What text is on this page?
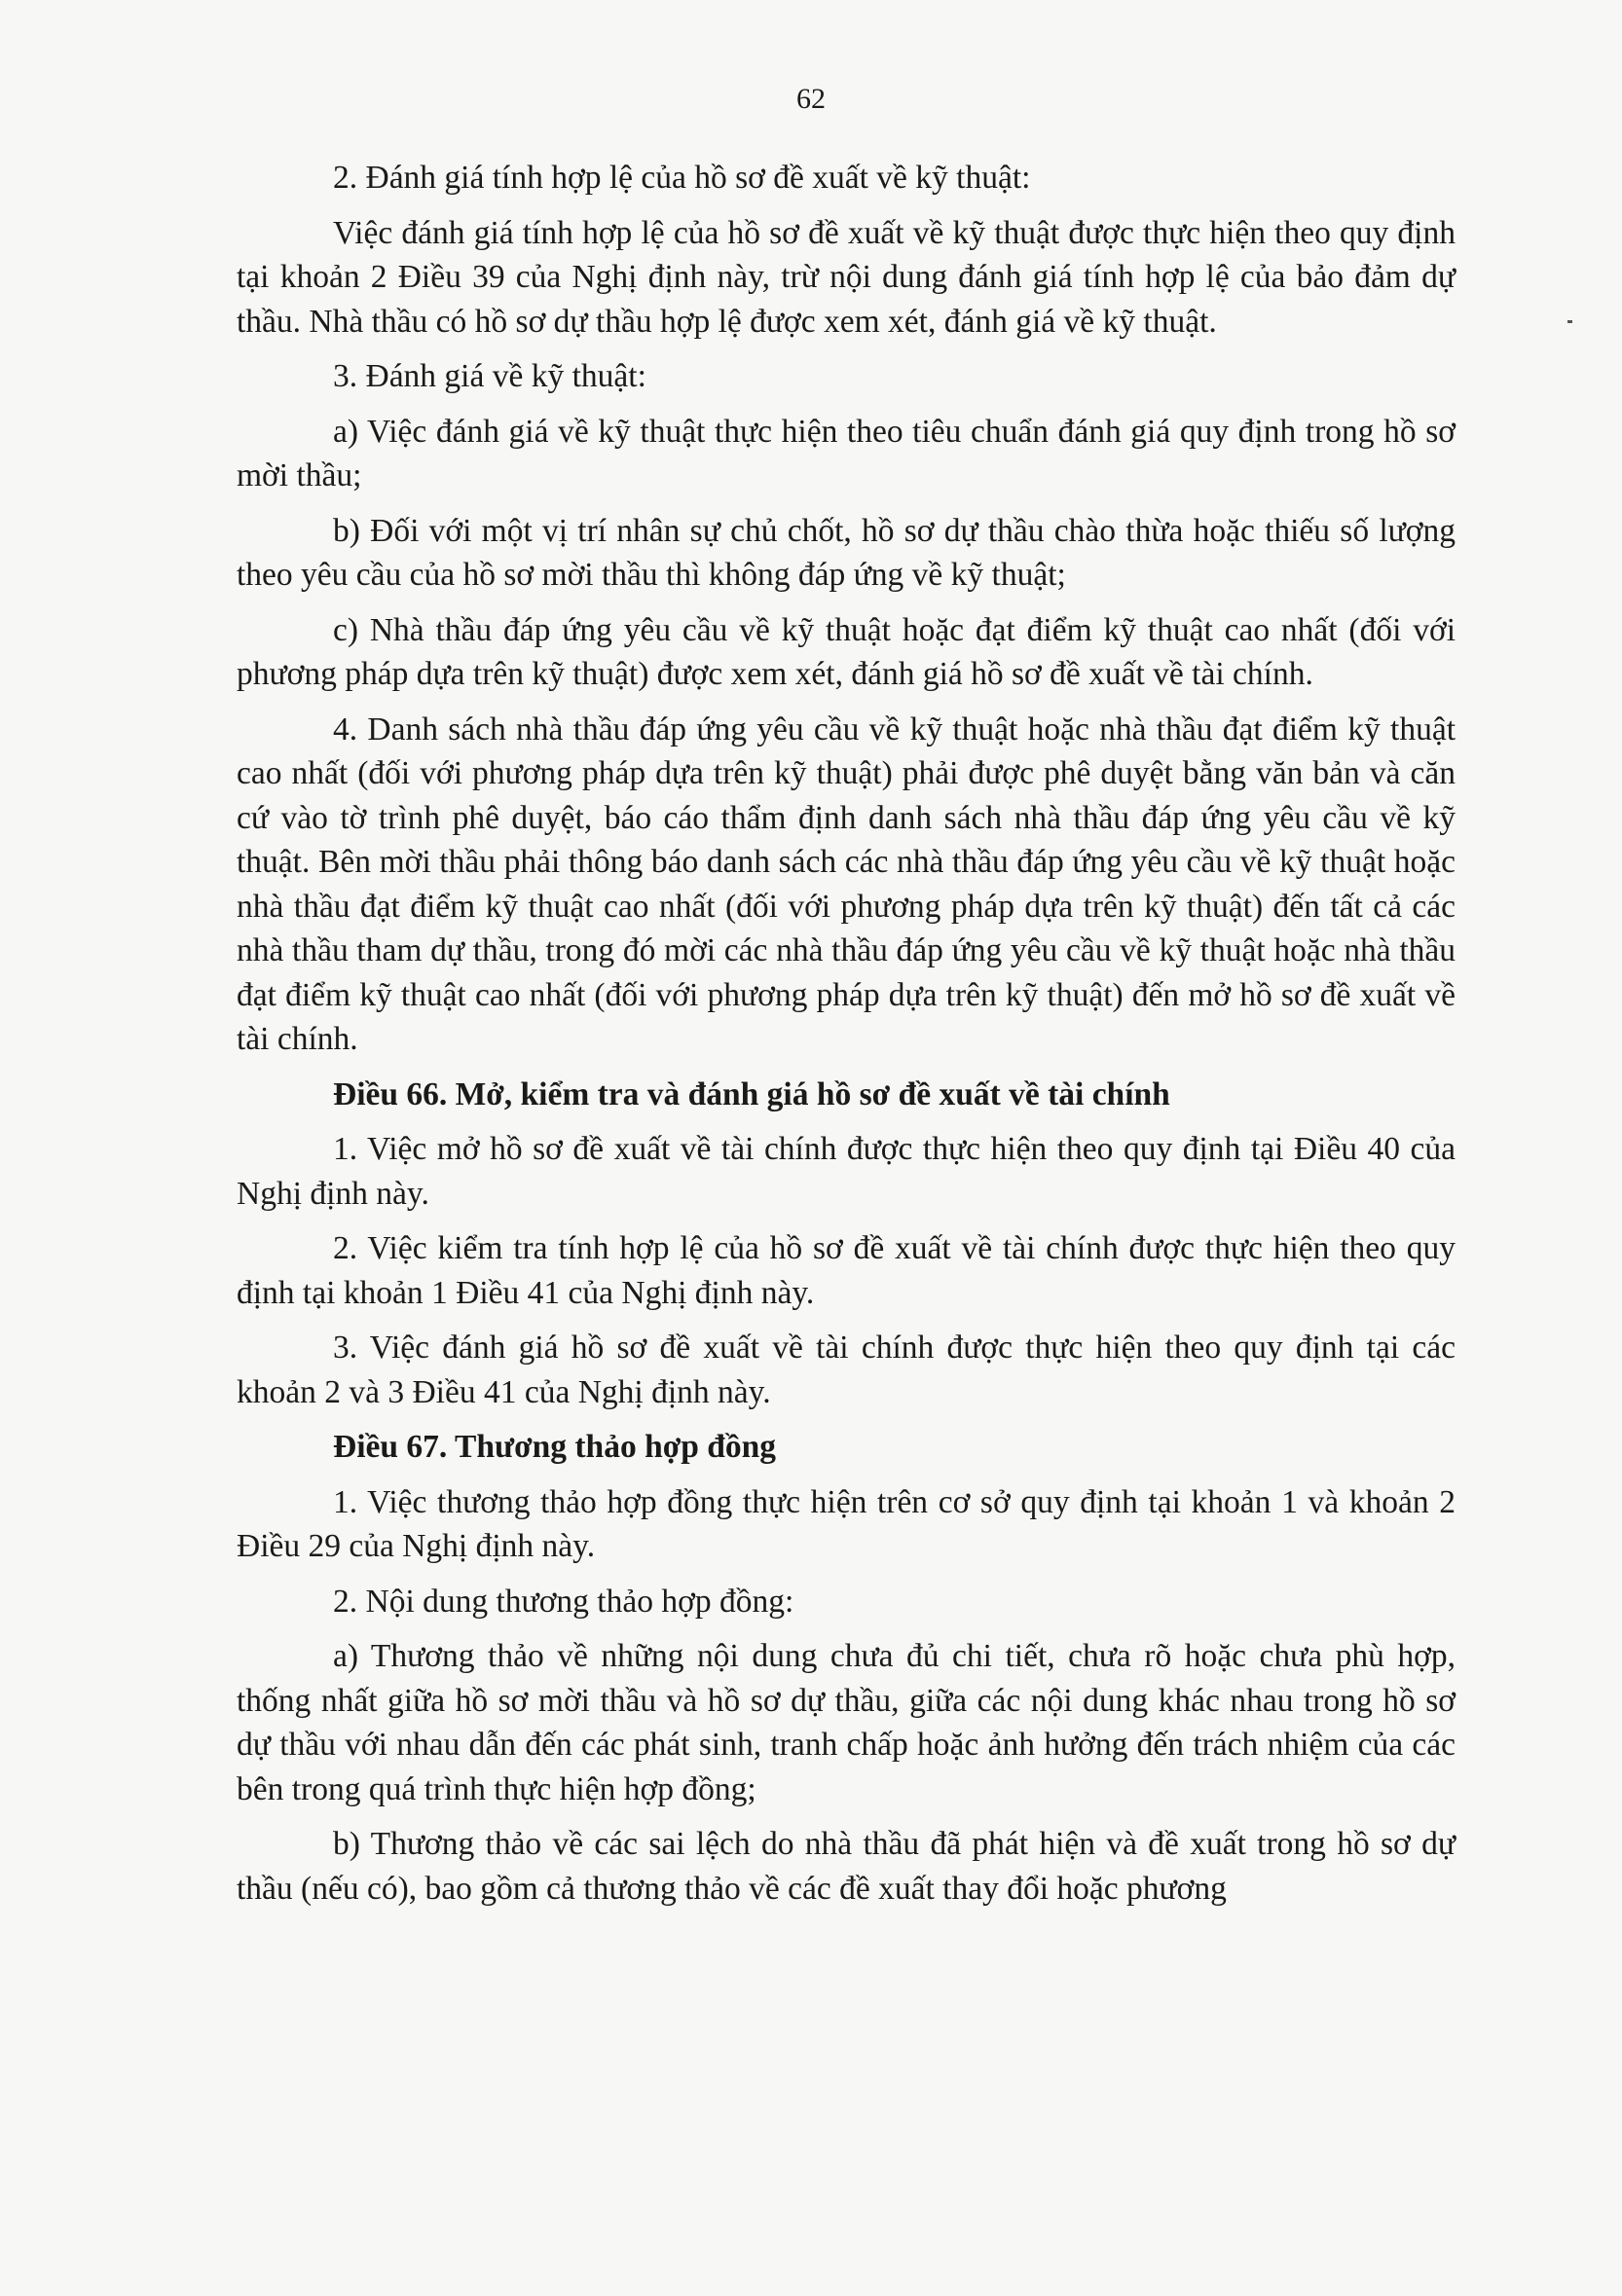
62

2. Đánh giá tính hợp lệ của hồ sơ đề xuất về kỹ thuật:

Việc đánh giá tính hợp lệ của hồ sơ đề xuất về kỹ thuật được thực hiện theo quy định tại khoản 2 Điều 39 của Nghị định này, trừ nội dung đánh giá tính hợp lệ của bảo đảm dự thầu. Nhà thầu có hồ sơ dự thầu hợp lệ được xem xét, đánh giá về kỹ thuật.

3. Đánh giá về kỹ thuật:

a) Việc đánh giá về kỹ thuật thực hiện theo tiêu chuẩn đánh giá quy định trong hồ sơ mời thầu;

b) Đối với một vị trí nhân sự chủ chốt, hồ sơ dự thầu chào thừa hoặc thiếu số lượng theo yêu cầu của hồ sơ mời thầu thì không đáp ứng về kỹ thuật;

c) Nhà thầu đáp ứng yêu cầu về kỹ thuật hoặc đạt điểm kỹ thuật cao nhất (đối với phương pháp dựa trên kỹ thuật) được xem xét, đánh giá hồ sơ đề xuất về tài chính.

4. Danh sách nhà thầu đáp ứng yêu cầu về kỹ thuật hoặc nhà thầu đạt điểm kỹ thuật cao nhất (đối với phương pháp dựa trên kỹ thuật) phải được phê duyệt bằng văn bản và căn cứ vào tờ trình phê duyệt, báo cáo thẩm định danh sách nhà thầu đáp ứng yêu cầu về kỹ thuật. Bên mời thầu phải thông báo danh sách các nhà thầu đáp ứng yêu cầu về kỹ thuật hoặc nhà thầu đạt điểm kỹ thuật cao nhất (đối với phương pháp dựa trên kỹ thuật) đến tất cả các nhà thầu tham dự thầu, trong đó mời các nhà thầu đáp ứng yêu cầu về kỹ thuật hoặc nhà thầu đạt điểm kỹ thuật cao nhất (đối với phương pháp dựa trên kỹ thuật) đến mở hồ sơ đề xuất về tài chính.

Điều 66. Mở, kiểm tra và đánh giá hồ sơ đề xuất về tài chính

1. Việc mở hồ sơ đề xuất về tài chính được thực hiện theo quy định tại Điều 40 của Nghị định này.

2. Việc kiểm tra tính hợp lệ của hồ sơ đề xuất về tài chính được thực hiện theo quy định tại khoản 1 Điều 41 của Nghị định này.

3. Việc đánh giá hồ sơ đề xuất về tài chính được thực hiện theo quy định tại các khoản 2 và 3 Điều 41 của Nghị định này.

Điều 67. Thương thảo hợp đồng

1. Việc thương thảo hợp đồng thực hiện trên cơ sở quy định tại khoản 1 và khoản 2 Điều 29 của Nghị định này.

2. Nội dung thương thảo hợp đồng:

a) Thương thảo về những nội dung chưa đủ chi tiết, chưa rõ hoặc chưa phù hợp, thống nhất giữa hồ sơ mời thầu và hồ sơ dự thầu, giữa các nội dung khác nhau trong hồ sơ dự thầu với nhau dẫn đến các phát sinh, tranh chấp hoặc ảnh hưởng đến trách nhiệm của các bên trong quá trình thực hiện hợp đồng;

b) Thương thảo về các sai lệch do nhà thầu đã phát hiện và đề xuất trong hồ sơ dự thầu (nếu có), bao gồm cả thương thảo về các đề xuất thay đổi hoặc phương
